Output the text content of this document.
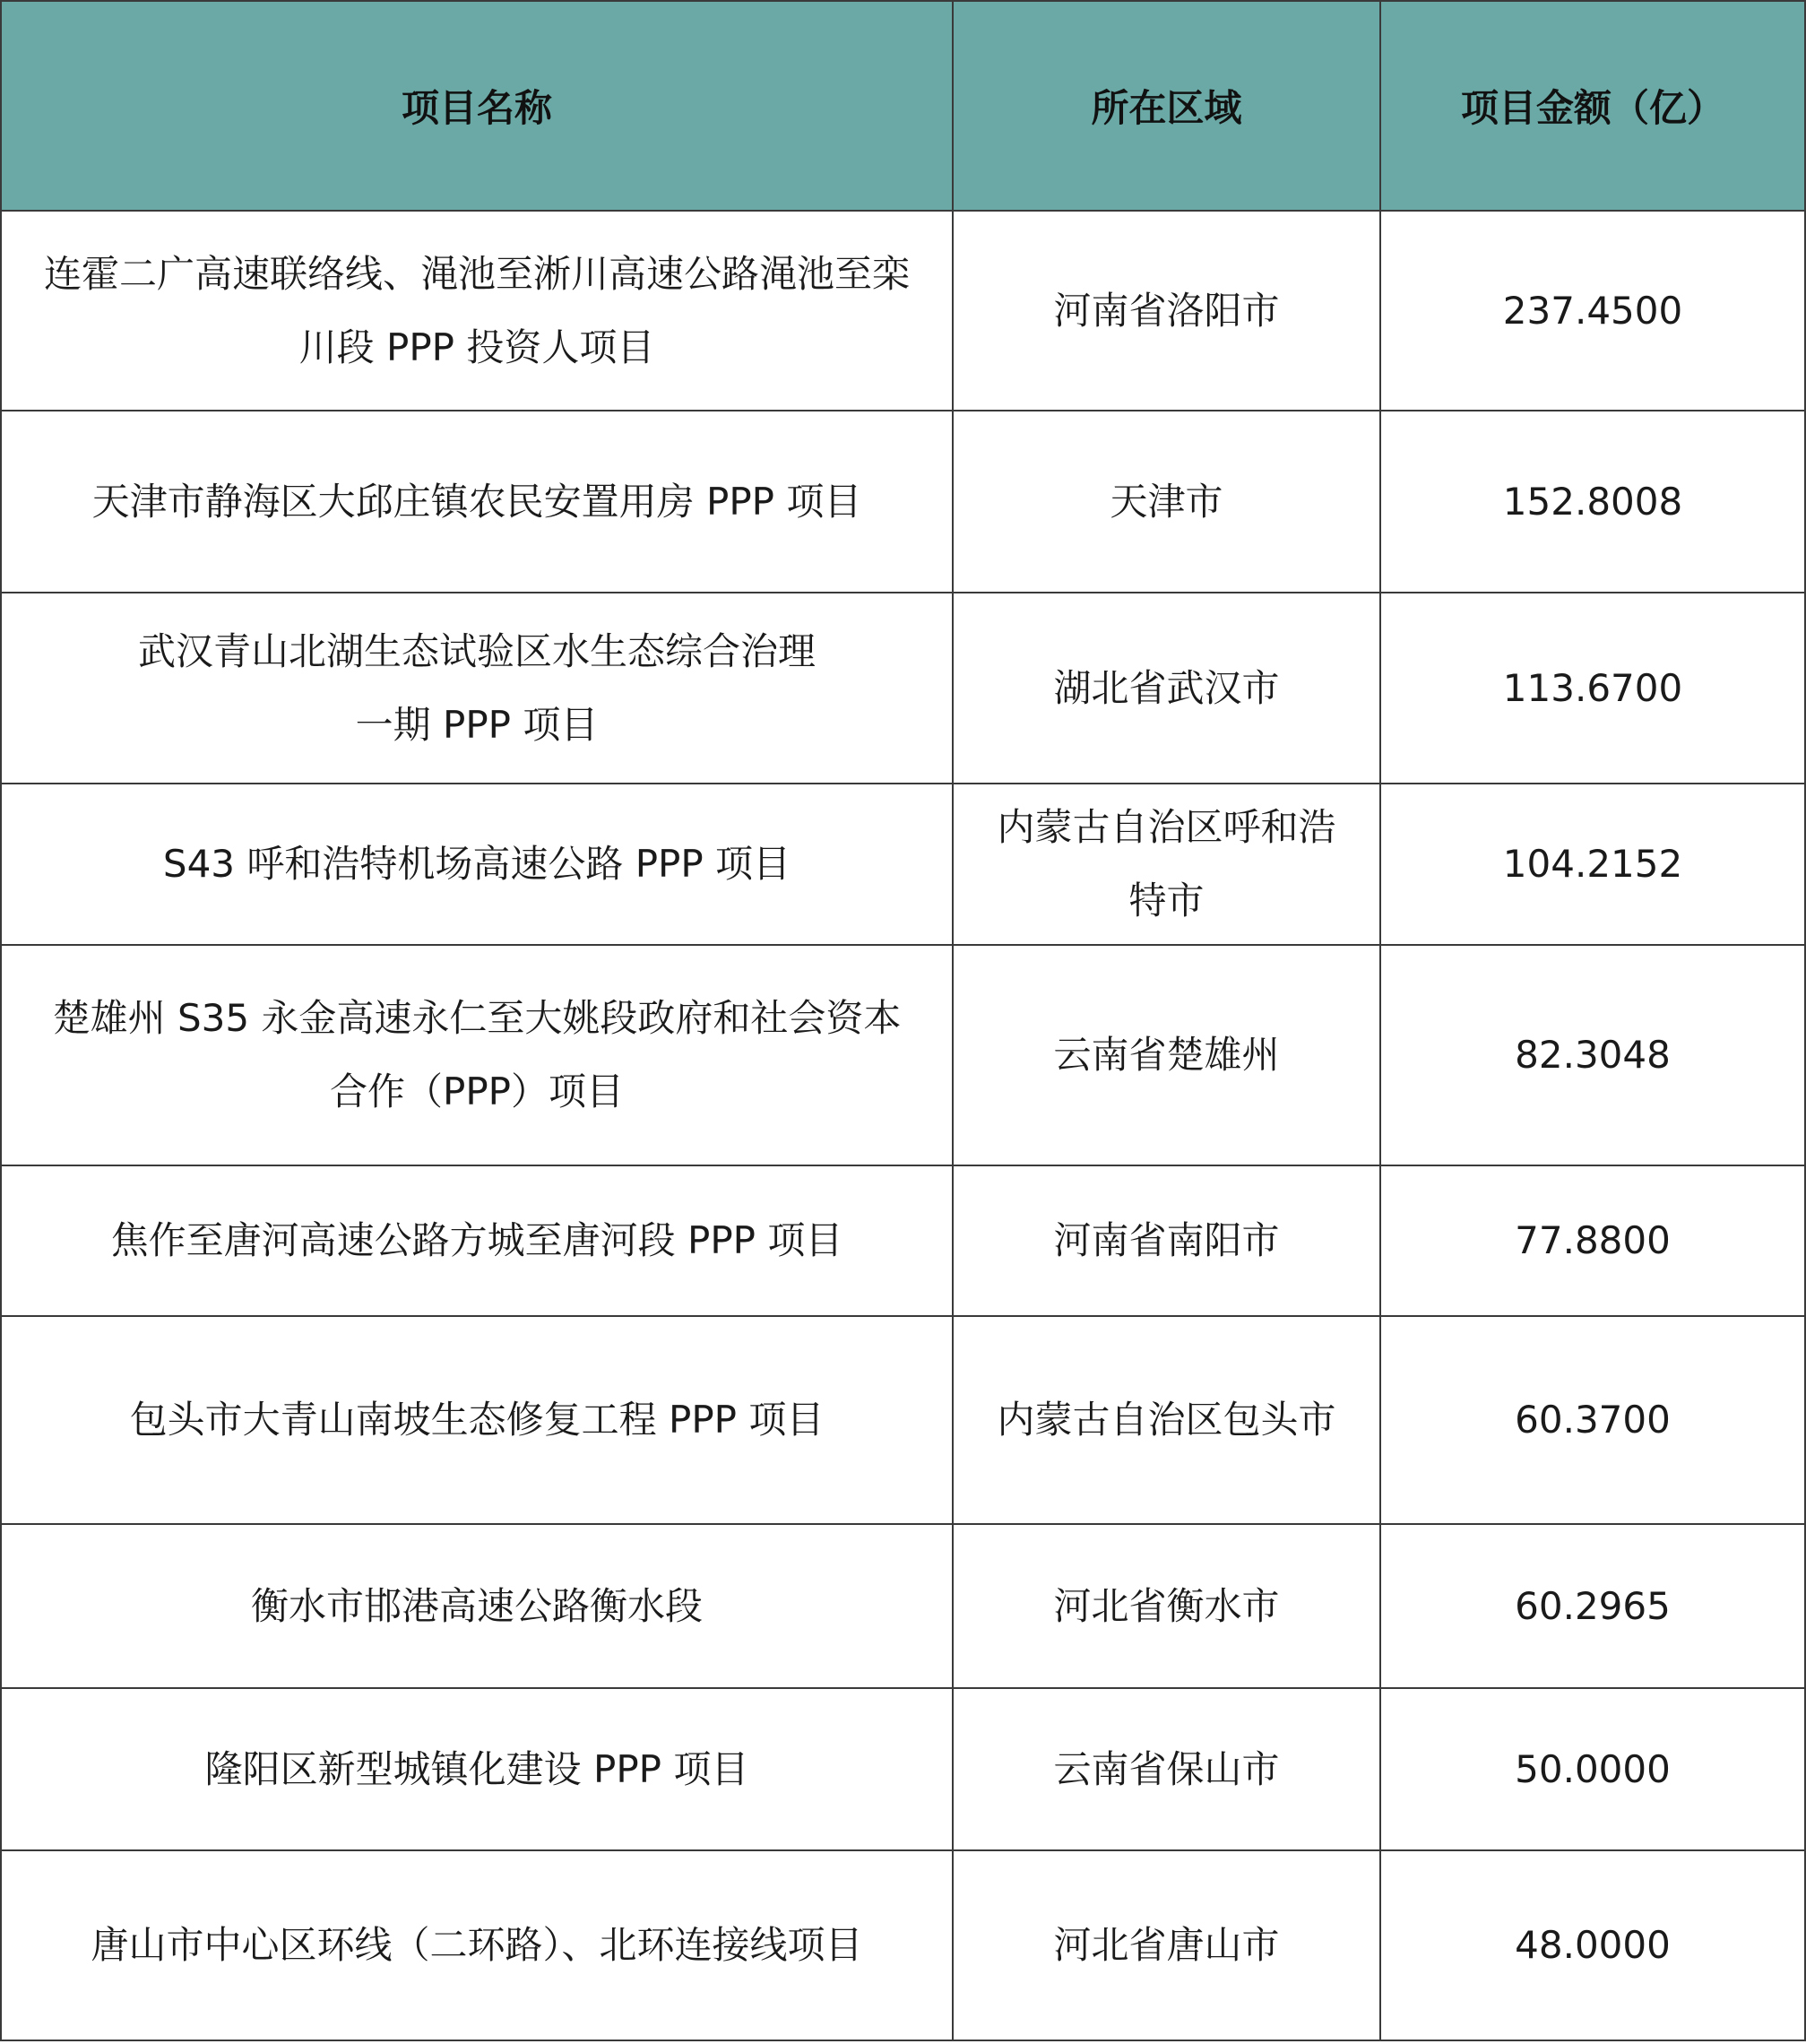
项目名称	所在区域	项目金额（亿）

连霍二广高速联络线、渑池至淅川高速公路渑池至栾
川段 PPP 投资人项目	河南省洛阳市	237.4500

天津市静海区大邱庄镇农民安置用房 PPP 项目	天津市	152.8008

武汉青山北湖生态试验区水生态综合治理
一期 PPP 项目	湖北省武汉市	113.6700

S43 呼和浩特机场高速公路 PPP 项目	内蒙古自治区呼和浩
特市	104.2152

楚雄州 S35 永金高速永仁至大姚段政府和社会资本
合作（PPP）项目	云南省楚雄州	82.3048

焦作至唐河高速公路方城至唐河段 PPP 项目	河南省南阳市	77.8800

包头市大青山南坡生态修复工程 PPP 项目	内蒙古自治区包头市	60.3700

衡水市邯港高速公路衡水段	河北省衡水市	60.2965

隆阳区新型城镇化建设 PPP 项目	云南省保山市	50.0000

唐山市中心区环线（二环路）、北环连接线项目	河北省唐山市	48.0000
